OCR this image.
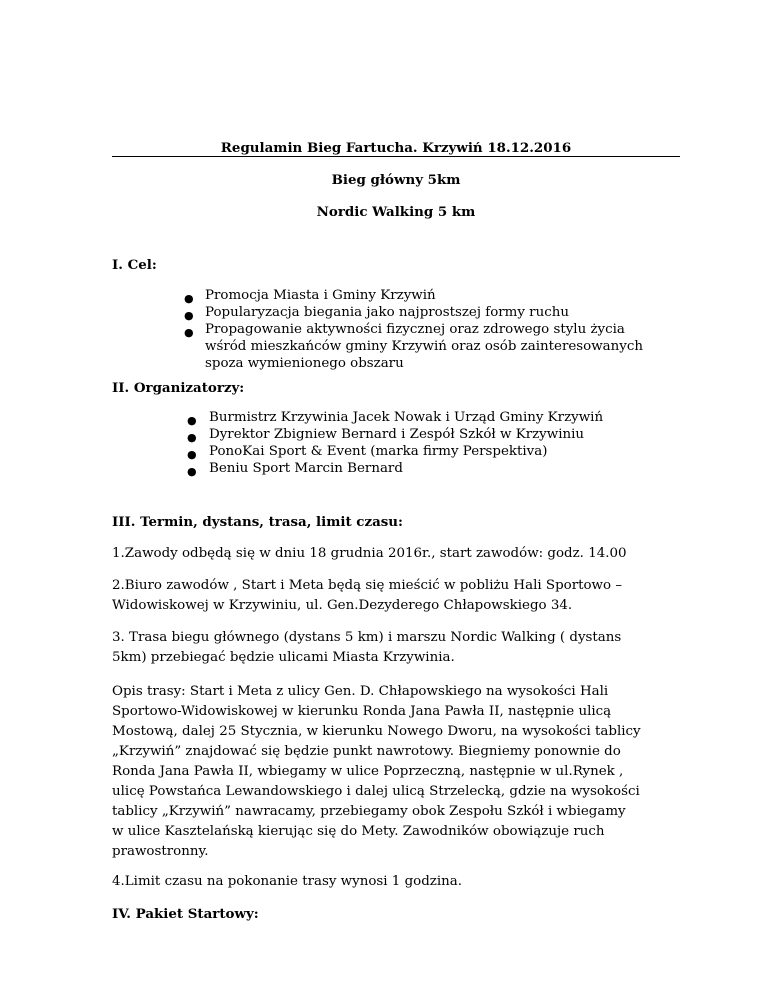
Regulamin Bieg Fartucha. Krzywiń 18.12.2016
Bieg główny 5km
Nordic Walking 5 km
I. Cel:
● Promocja Miasta i Gminy Krzywiń
● Popularyzacja biegania jako najprostszej formy ruchu
● Propagowanie aktywności fizycznej oraz zdrowego stylu życia
wśród mieszkańców gminy Krzywiń oraz osób zainteresowanych
spoza wymienionego obszaru
II. Organizatorzy:
● Burmistrz Krzywinia Jacek Nowak i Urząd Gminy Krzywiń
● Dyrektor Zbigniew Bernard i Zespół Szkół w Krzywiniu
● PonoKai Sport & Event (marka firmy Perspektiva)
● Beniu Sport Marcin Bernard
III. Termin, dystans, trasa, limit czasu:
1.Zawody odbędą się w dniu 18 grudnia 2016r., start zawodów: godz. 14.00
2.Biuro zawodów , Start i Meta będą się mieścić w pobliżu Hali Sportowo –
Widowiskowej w Krzywiniu, ul. Gen.Dezyderego Chłapowskiego 34.
3. Trasa biegu głównego (dystans 5 km) i marszu Nordic Walking ( dystans
5km) przebiegać będzie ulicami Miasta Krzywinia.
Opis trasy: Start i Meta z ulicy Gen. D. Chłapowskiego na wysokości Hali
Sportowo-Widowiskowej w kierunku Ronda Jana Pawła II, następnie ulicą
Mostową, dalej 25 Stycznia, w kierunku Nowego Dworu, na wysokości tablicy
„Krzywiń” znajdować się będzie punkt nawrotowy. Biegniemy ponownie do
Ronda Jana Pawła II, wbiegamy w ulice Poprzeczną, następnie w ul.Rynek ,
ulicę Powstańca Lewandowskiego i dalej ulicą Strzelecką, gdzie na wysokości
tablicy „Krzywiń” nawracamy, przebiegamy obok Zespołu Szkół i wbiegamy
w ulice Kasztelańską kierując się do Mety. Zawodników obowiązuje ruch
prawostronny.
4.Limit czasu na pokonanie trasy wynosi 1 godzina.
IV. Pakiet Startowy:
